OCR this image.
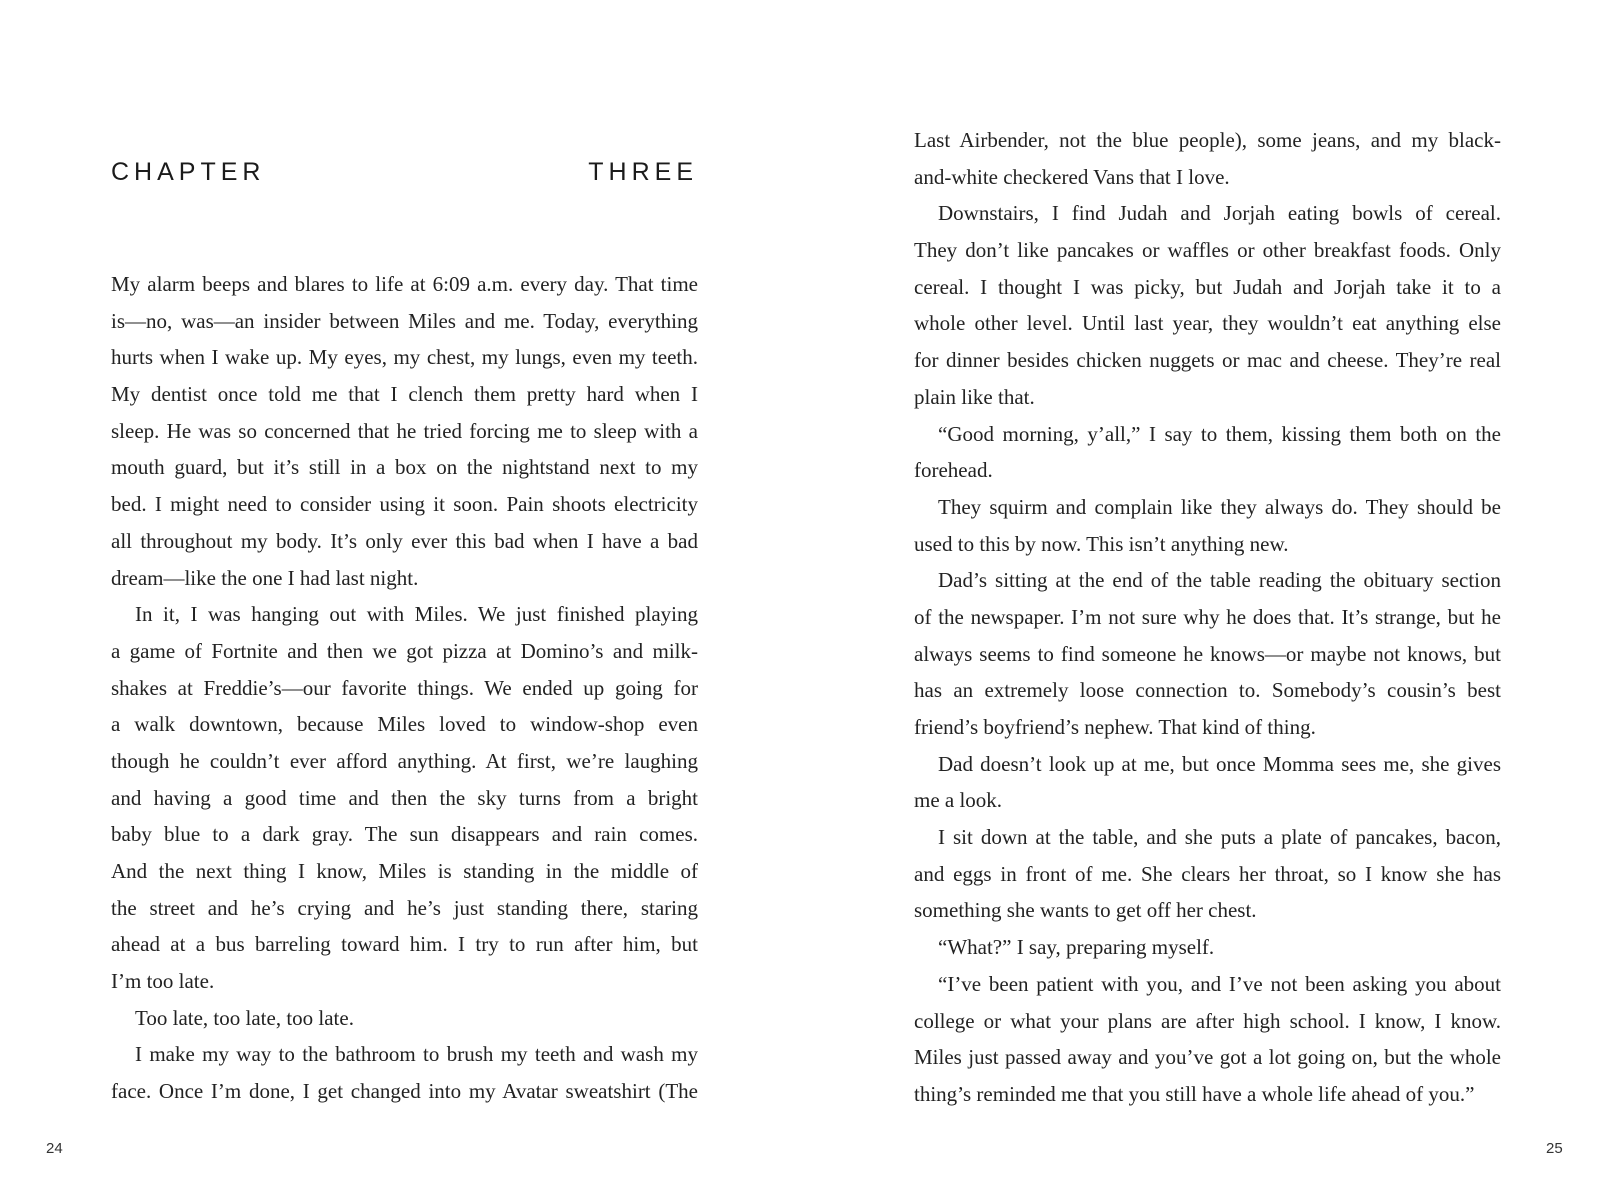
CHAPTER	THREE
My alarm beeps and blares to life at 6:09 a.m. every day. That time
is—no, was—an insider between Miles and me. Today, everything
hurts when I wake up. My eyes, my chest, my lungs, even my teeth.
My dentist once told me that I clench them pretty hard when I
sleep. He was so concerned that he tried forcing me to sleep with a
mouth guard, but it’s still in a box on the nightstand next to my
bed. I might need to consider using it soon. Pain shoots electricity
all throughout my body. It’s only ever this bad when I have a bad
dream—like the one I had last night.
In it, I was hanging out with Miles. We just finished playing
a game of Fortnite and then we got pizza at Domino’s and milk-
shakes at Freddie’s—our favorite things. We ended up going for
a walk downtown, because Miles loved to window-shop even
though he couldn’t ever afford anything. At first, we’re laughing
and having a good time and then the sky turns from a bright
baby blue to a dark gray. The sun disappears and rain comes.
And the next thing I know, Miles is standing in the middle of
the street and he’s crying and he’s just standing there, staring
ahead at a bus barreling toward him. I try to run after him, but
I’m too late.
Too late, too late, too late.
I make my way to the bathroom to brush my teeth and wash my
face. Once I’m done, I get changed into my Avatar sweatshirt (The
24
Last Airbender, not the blue people), some jeans, and my black-
and-white checkered Vans that I love.
Downstairs, I find Judah and Jorjah eating bowls of cereal.
They don’t like pancakes or waffles or other breakfast foods. Only
cereal. I thought I was picky, but Judah and Jorjah take it to a
whole other level. Until last year, they wouldn’t eat anything else
for dinner besides chicken nuggets or mac and cheese. They’re real
plain like that.
“Good morning, y’all,” I say to them, kissing them both on the
forehead.
They squirm and complain like they always do. They should be
used to this by now. This isn’t anything new.
Dad’s sitting at the end of the table reading the obituary section
of the newspaper. I’m not sure why he does that. It’s strange, but he
always seems to find someone he knows—or maybe not knows, but
has an extremely loose connection to. Somebody’s cousin’s best
friend’s boyfriend’s nephew. That kind of thing.
Dad doesn’t look up at me, but once Momma sees me, she gives
me a look.
I sit down at the table, and she puts a plate of pancakes, bacon,
and eggs in front of me. She clears her throat, so I know she has
something she wants to get off her chest.
“What?” I say, preparing myself.
“I’ve been patient with you, and I’ve not been asking you about
college or what your plans are after high school. I know, I know.
Miles just passed away and you’ve got a lot going on, but the whole
thing’s reminded me that you still have a whole life ahead of you.”
25
